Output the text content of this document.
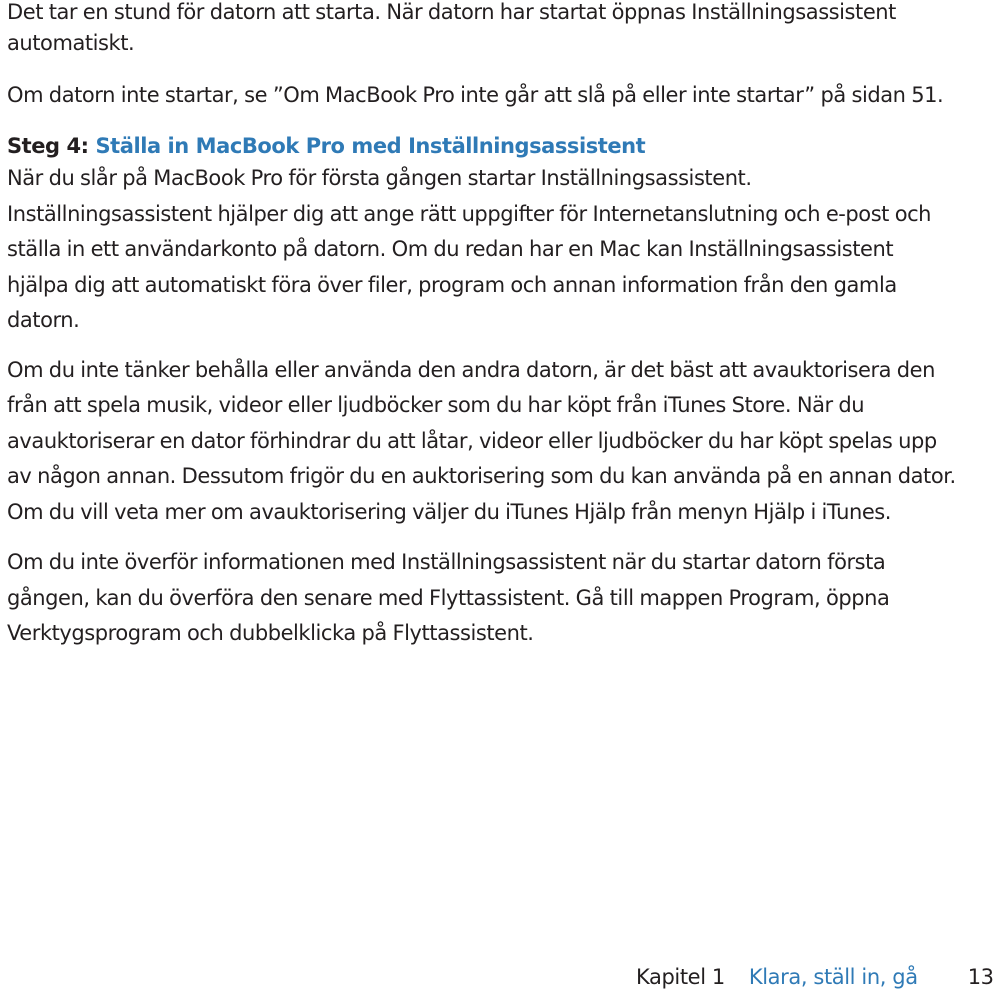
Det tar en stund för datorn att starta. När datorn har startat öppnas Inställningsassistent automatiskt.

Om datorn inte startar, se ”Om MacBook Pro inte går att slå på eller inte startar” på sidan 51.

Steg 4: Ställa in MacBook Pro med Inställningsassistent

När du slår på MacBook Pro för första gången startar Inställningsassistent. Inställningsassistent hjälper dig att ange rätt uppgifter för Internetanslutning och e-post och ställa in ett användarkonto på datorn. Om du redan har en Mac kan Inställningsassistent hjälpa dig att automatiskt föra över filer, program och annan information från den gamla datorn.

Om du inte tänker behålla eller använda den andra datorn, är det bäst att avauktorisera den från att spela musik, videor eller ljudböcker som du har köpt från iTunes Store. När du avauktoriserar en dator förhindrar du att låtar, videor eller ljudböcker du har köpt spelas upp av någon annan. Dessutom frigör du en auktorisering som du kan använda på en annan dator. Om du vill veta mer om avauktorisering väljer du iTunes Hjälp från menyn Hjälp i iTunes.

Om du inte överför informationen med Inställningsassistent när du startar datorn första gången, kan du överföra den senare med Flyttassistent. Gå till mappen Program, öppna Verktygsprogram och dubbelklicka på Flyttassistent.

Kapitel 1 Klara, ställ in, gå 13
